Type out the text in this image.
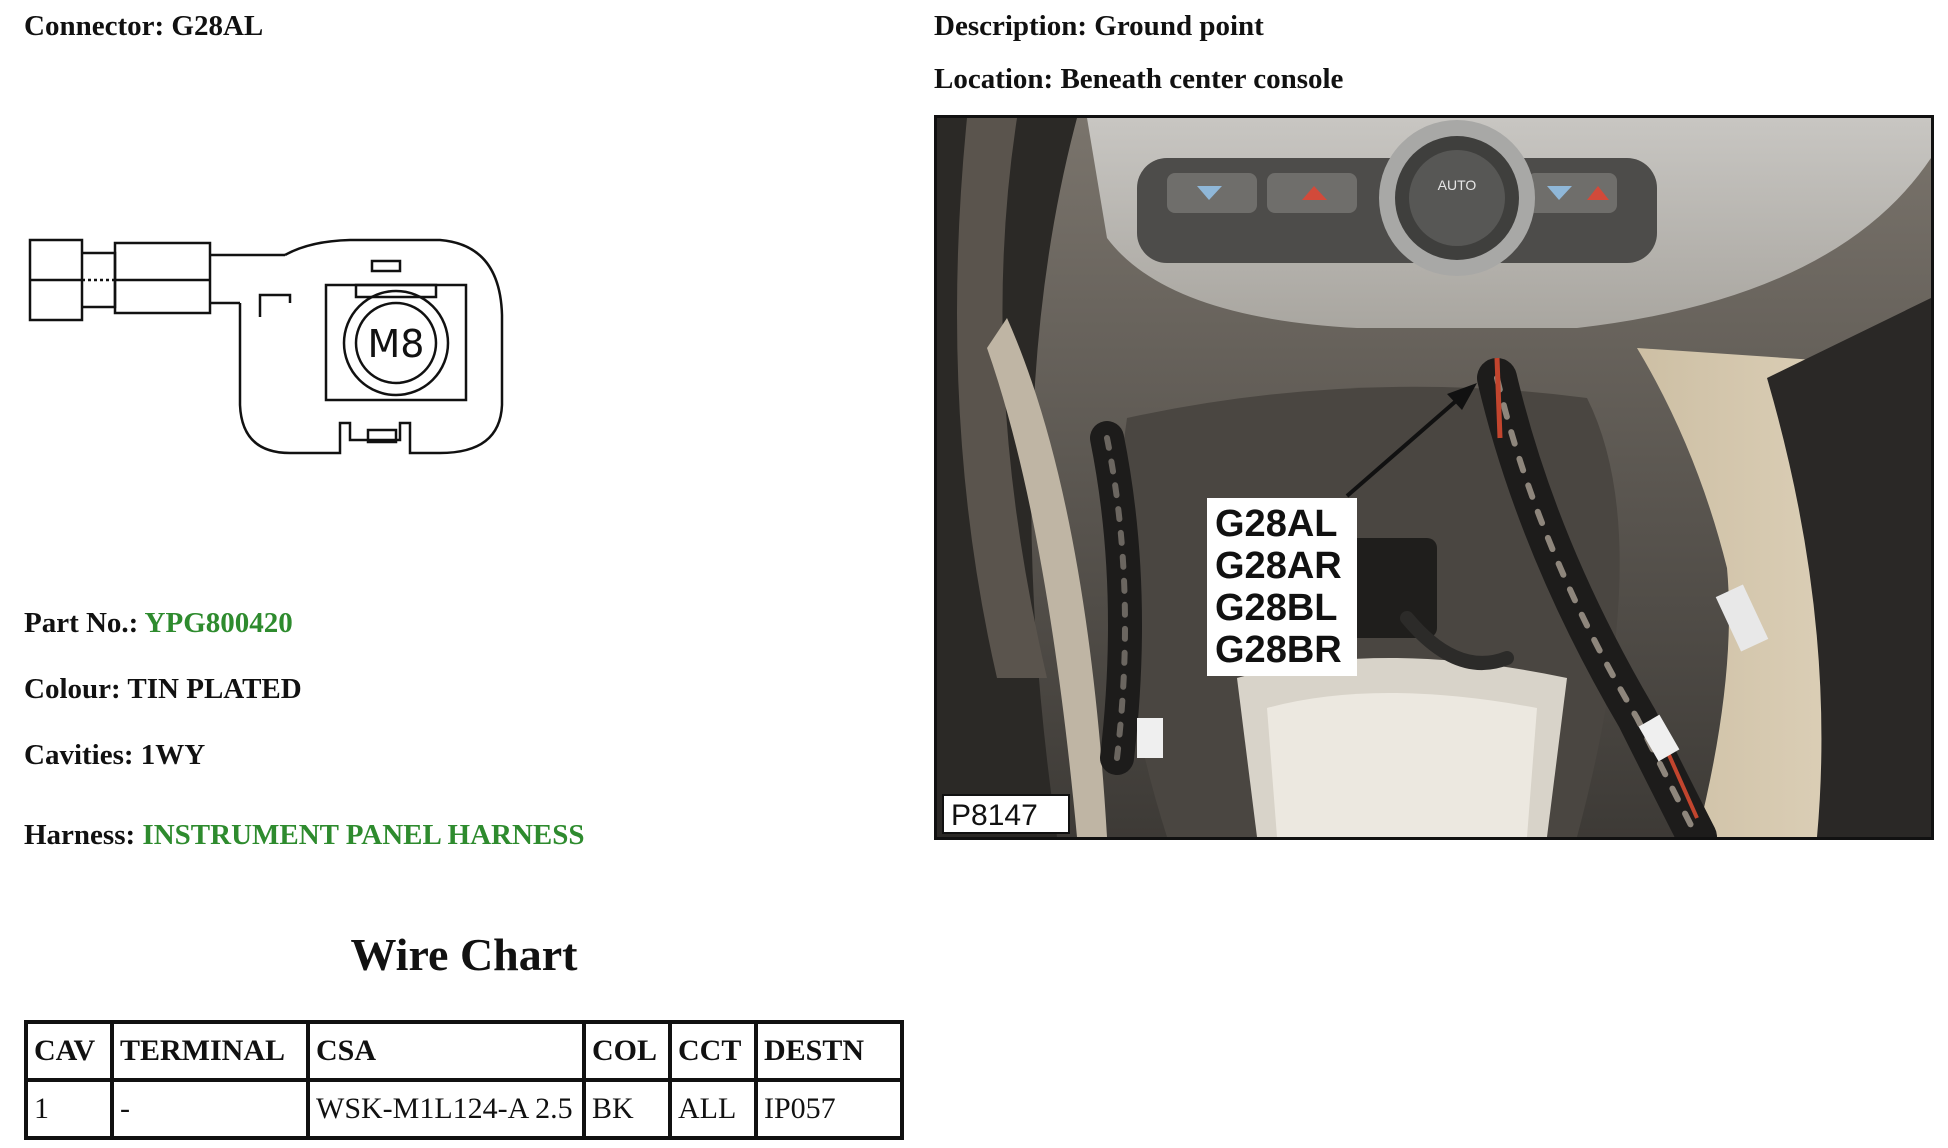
Connector: G28AL	Description: Ground point
Location: Beneath center console
M8
Part No.: YPG800420
Colour: TIN PLATED
Cavities: 1WY
Harness: INSTRUMENT PANEL HARNESS
Wire Chart
CAV	TERMINAL	CSA	COL	CCT	DESTN
1	-	WSK-M1L124-A 2.5	BK	ALL	IP057
AUTO
G28AL
G28AR
G28BL
G28BR
P8147
